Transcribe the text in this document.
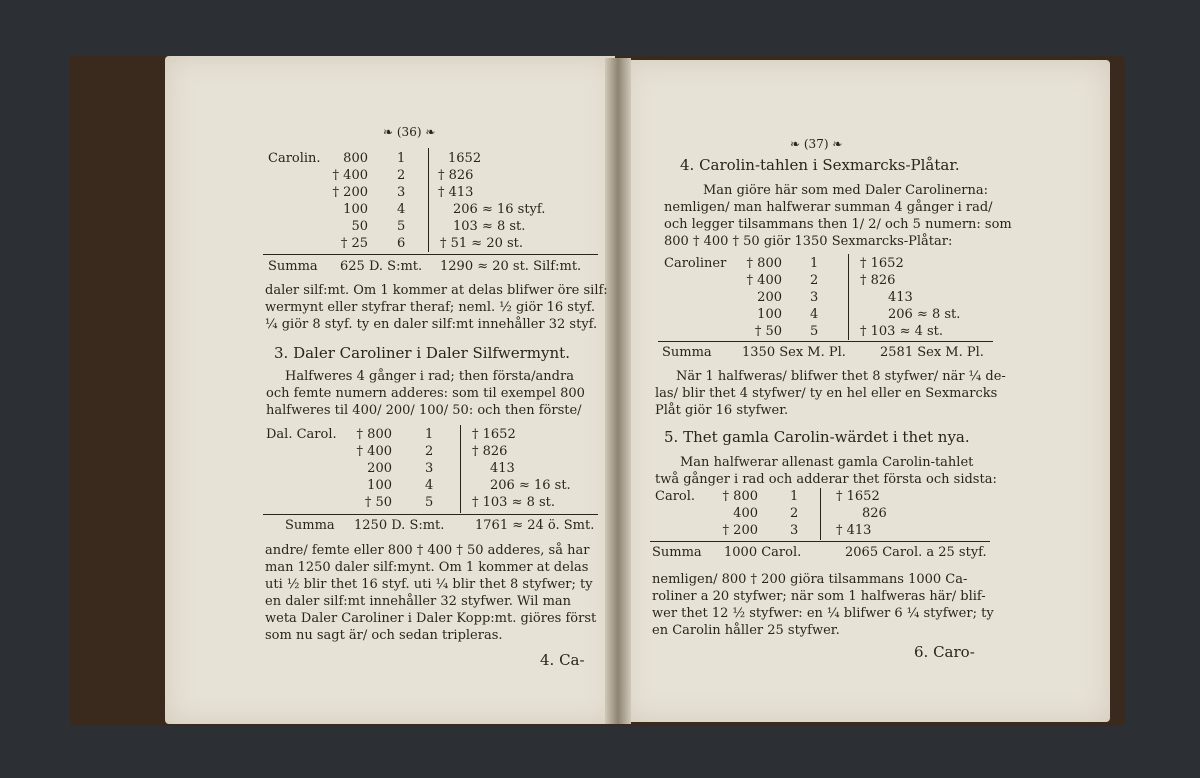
❧ (36) ❧
Carolin.	800 1	1652
† 400 2	† 826
† 200 3	† 413
100 4	206 ≈ 16 styf.
50 5	103 ≈ 8 st.
† 25 6	† 51 ≈ 20 st.
Summa 625 D. S:mt. 1290 ≈ 20 st. Silf:mt.
daler silf:mt. Om 1 kommer at delas blifwer öre silf:
wermynt eller styfrar theraf; neml. ½ giör 16 styf.
¼ giör 8 styf. ty en daler silf:mt innehåller 32 styf.
3. Daler Caroliner i Daler Silfwermynt.
Halfweres 4 gånger i rad; then första/andra
och femte numern adderes: som til exempel 800
halfweres til 400/ 200/ 100/ 50: och then förste/
Dal. Carol.	† 800	1	† 1652
† 400	2	† 826
200	3	413
100	4	206 ≈ 16 st.
† 50	5	† 103 ≈ 8 st.
Summa 1250 D. S:mt. 1761 ≈ 24 ö. Smt.
andre/ femte eller 800 † 400 † 50 adderes, så har
man 1250 daler silf:mynt. Om 1 kommer at delas
uti ½ blir thet 16 styf. uti ¼ blir thet 8 styfwer; ty
en daler silf:mt innehåller 32 styfwer. Wil man
weta Daler Caroliner i Daler Kopp:mt. giöres först
som nu sagt är/ och sedan tripleras.
4. Ca-
❧ (37) ❧
4. Carolin-tahlen i Sexmarcks-Plåtar.
Man giöre här som med Daler Carolinerna:
nemligen/ man halfwerar summan 4 gånger i rad/
och legger tilsammans then 1/ 2/ och 5 numern: som
800 † 400 † 50 giör 1350 Sexmarcks-Plåtar:
Caroliner	† 800 1	† 1652
† 400 2	† 826
200 3	413
100 4	206 ≈ 8 st.
† 50 5	† 103 ≈ 4 st.
Summa 1350 Sex M. Pl.	2581 Sex M. Pl.
När 1 halfweras/ blifwer thet 8 styfwer/ när ¼ de-
las/ blir thet 4 styfwer/ ty en hel eller en Sexmarcks
Plåt giör 16 styfwer.
5. Thet gamla Carolin-wärdet i thet nya.
Man halfwerar allenast gamla Carolin-tahlet
twå gånger i rad och adderar thet första och sidsta:
Carol.	† 800 1	† 1652
400 2	826
† 200 3	† 413
Summa 1000 Carol.	2065 Carol. a 25 styf.
nemligen/ 800 † 200 giöra tilsammans 1000 Ca-
roliner a 20 styfwer; när som 1 halfweras här/ blif-
wer thet 12 ½ styfwer: en ¼ blifwer 6 ¼ styfwer; ty
en Carolin håller 25 styfwer.
6. Caro-
